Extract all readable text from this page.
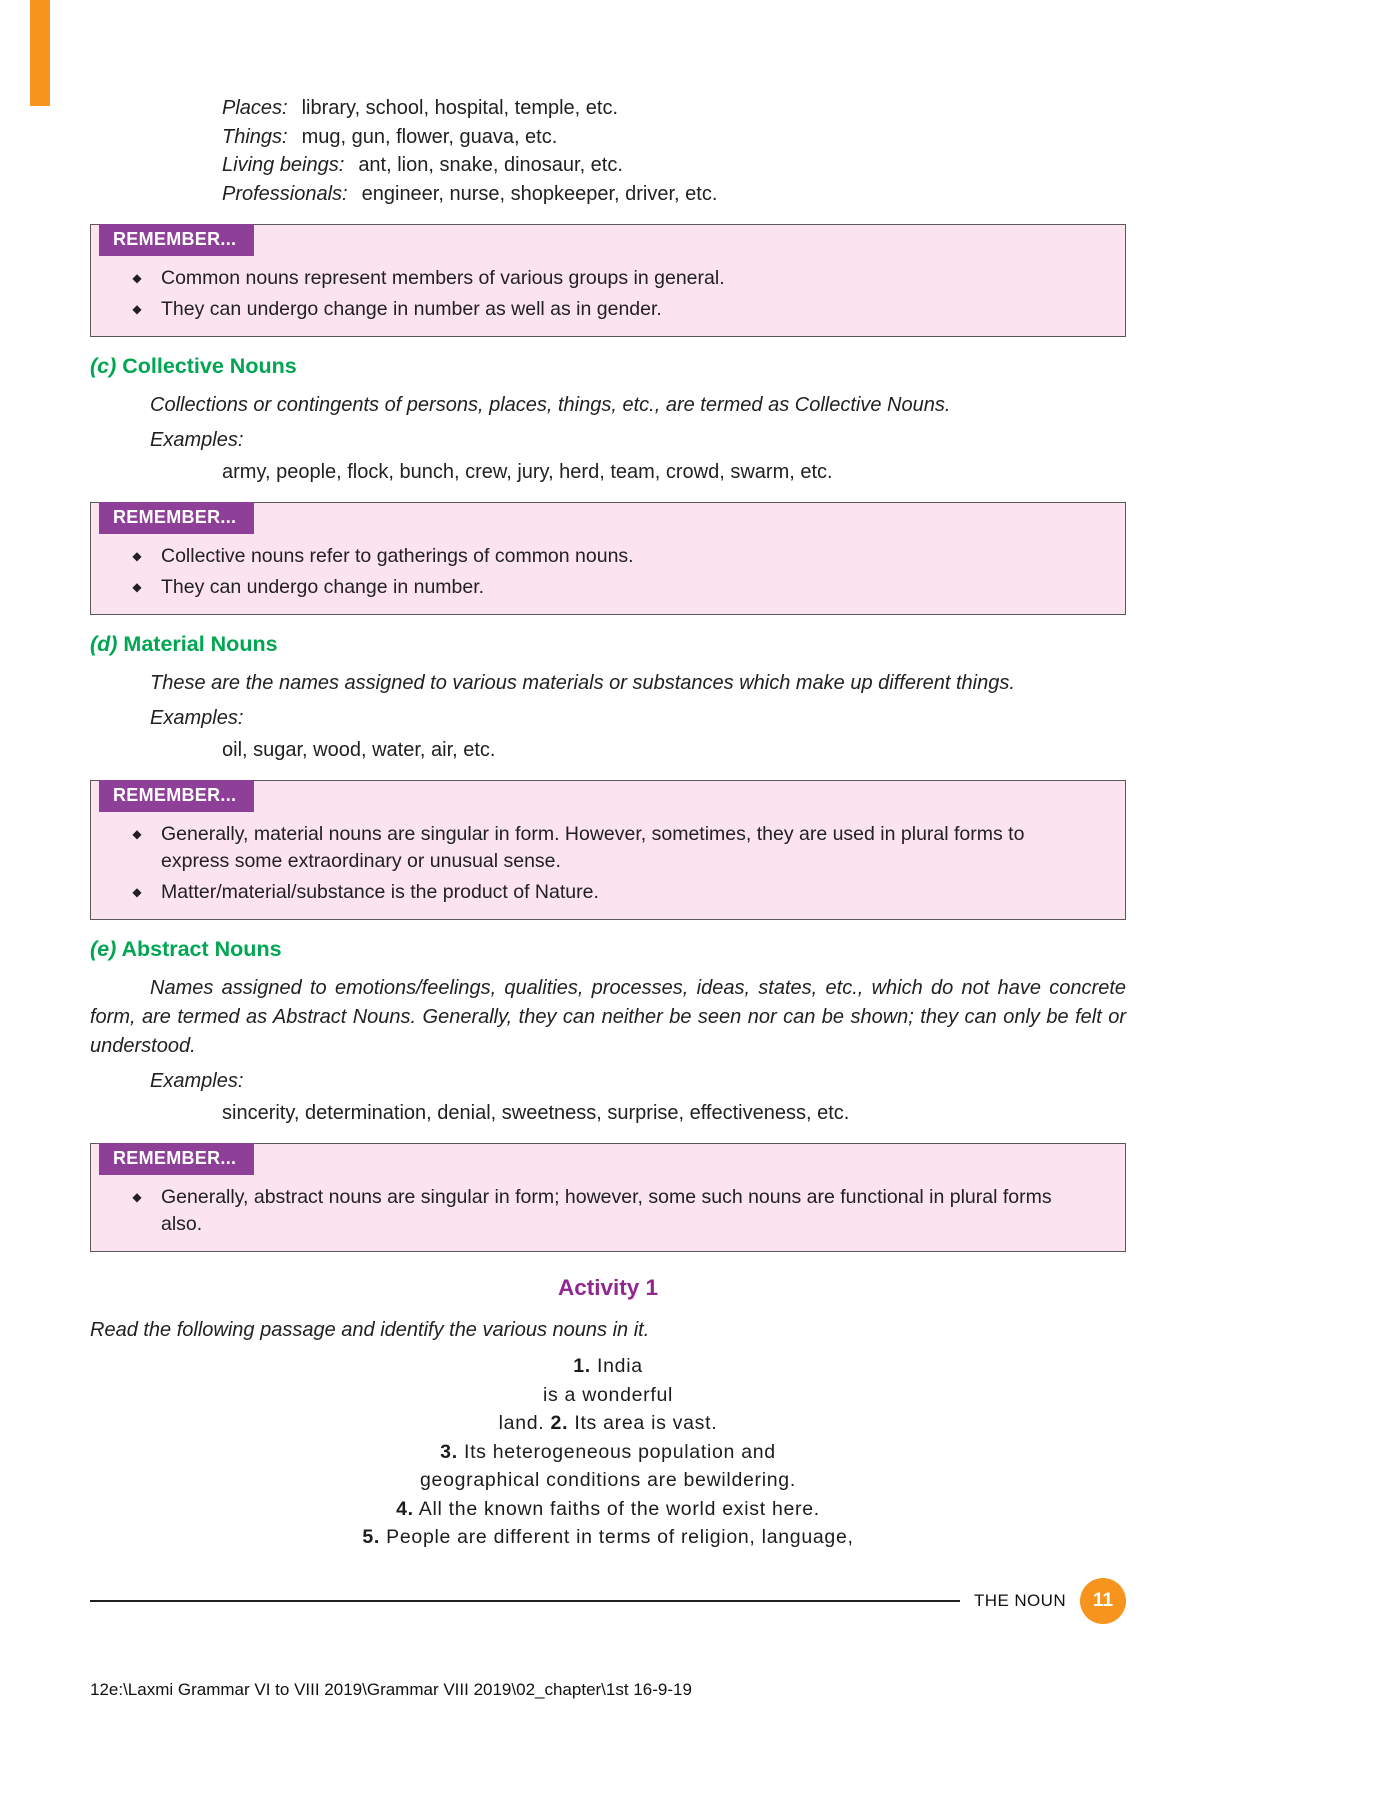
Places: library, school, hospital, temple, etc.
Things: mug, gun, flower, guava, etc.
Living beings: ant, lion, snake, dinosaur, etc.
Professionals: engineer, nurse, shopkeeper, driver, etc.
REMEMBER...
◆ Common nouns represent members of various groups in general.
◆ They can undergo change in number as well as in gender.
(c) Collective Nouns
Collections or contingents of persons, places, things, etc., are termed as Collective Nouns.
Examples:
army, people, flock, bunch, crew, jury, herd, team, crowd, swarm, etc.
REMEMBER...
◆ Collective nouns refer to gatherings of common nouns.
◆ They can undergo change in number.
(d) Material Nouns
These are the names assigned to various materials or substances which make up different things.
Examples:
oil, sugar, wood, water, air, etc.
REMEMBER...
◆ Generally, material nouns are singular in form. However, sometimes, they are used in plural forms to express some extraordinary or unusual sense.
◆ Matter/material/substance is the product of Nature.
(e) Abstract Nouns
Names assigned to emotions/feelings, qualities, processes, ideas, states, etc., which do not have concrete form, are termed as Abstract Nouns. Generally, they can neither be seen nor can be shown; they can only be felt or understood.
Examples:
sincerity, determination, denial, sweetness, surprise, effectiveness, etc.
REMEMBER...
◆ Generally, abstract nouns are singular in form; however, some such nouns are functional in plural forms also.
Activity 1
Read the following passage and identify the various nouns in it.
1. India
is a wonderful
land. 2. Its area is vast.
3. Its heterogeneous population and
geographical conditions are bewildering.
4. All the known faiths of the world exist here.
5. People are different in terms of religion, language,
THE NOUN	11
12e:\Laxmi Grammar VI to VIII 2019\Grammar VIII 2019\02_chapter\1st 16-9-19
